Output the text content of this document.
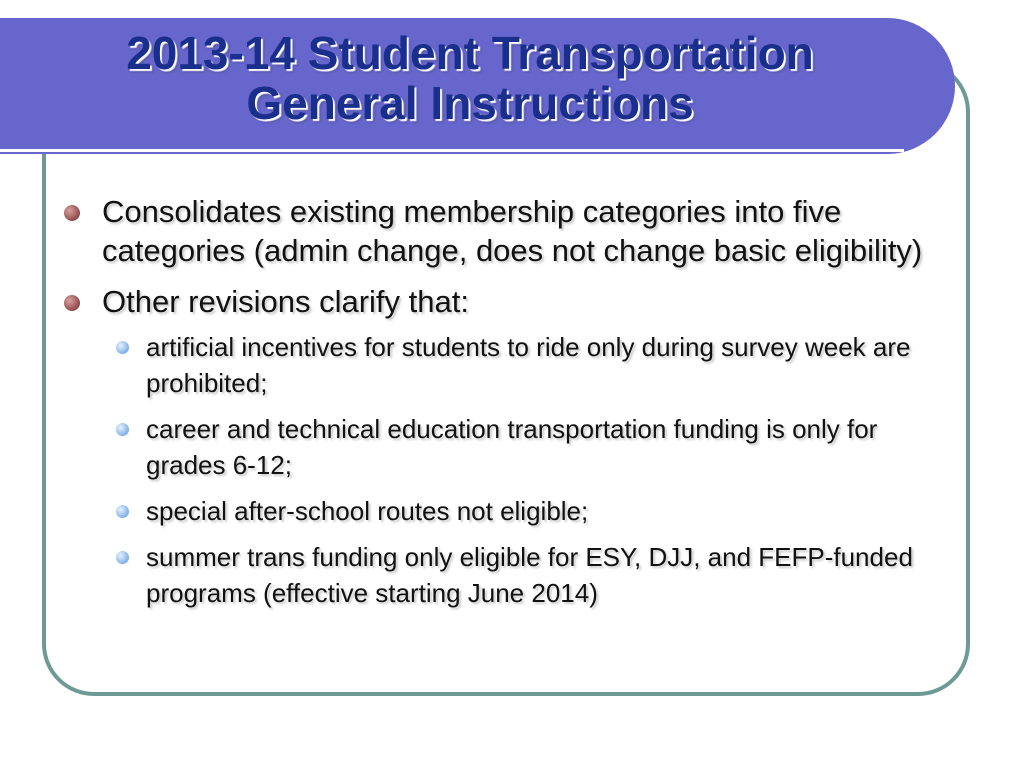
2013-14 Student Transportation
General Instructions
Consolidates existing membership categories into five categories (admin change, does not change basic eligibility)
Other revisions clarify that:
artificial incentives for students to ride only during survey week are prohibited;
career and technical education transportation funding is only for grades 6-12;
special after-school routes not eligible;
summer trans funding only eligible for ESY, DJJ, and FEFP-funded programs (effective starting June 2014)
